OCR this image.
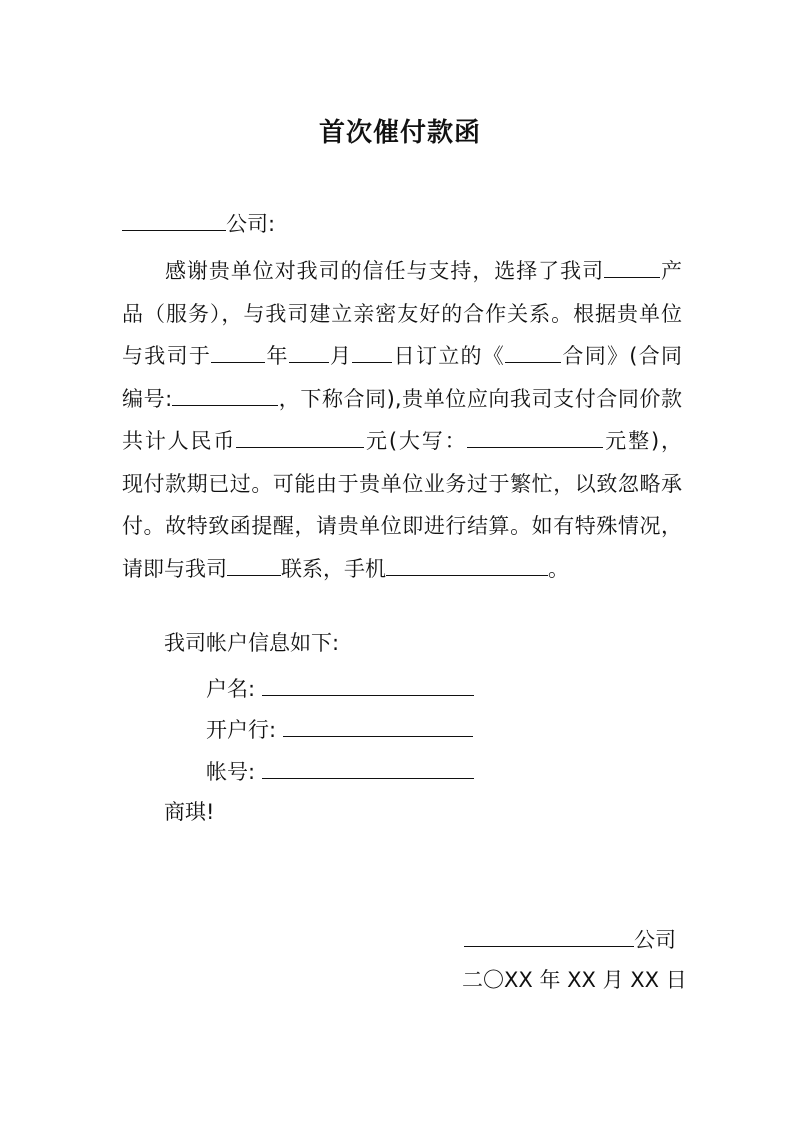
首次催付款函
公司:
感谢贵单位对我司的信任与支持，选择了我司	产
品（服务），与我司建立亲密友好的合作关系。根据贵单位
与我司于	年 月 日订立的《	合同》(合同
编号:	，下称合同),贵单位应向我司支付合同价款
共计人民币	元(大写：	元整)，
现付款期已过。可能由于贵单位业务过于繁忙，以致忽略承
付。故特致函提醒，请贵单位即进行结算。如有特殊情况，
请即与我司	联系，手机	。
我司帐户信息如下:
户名:
开户行:
帐号:
商琪!
公司
二〇XX 年 XX 月 XX 日
